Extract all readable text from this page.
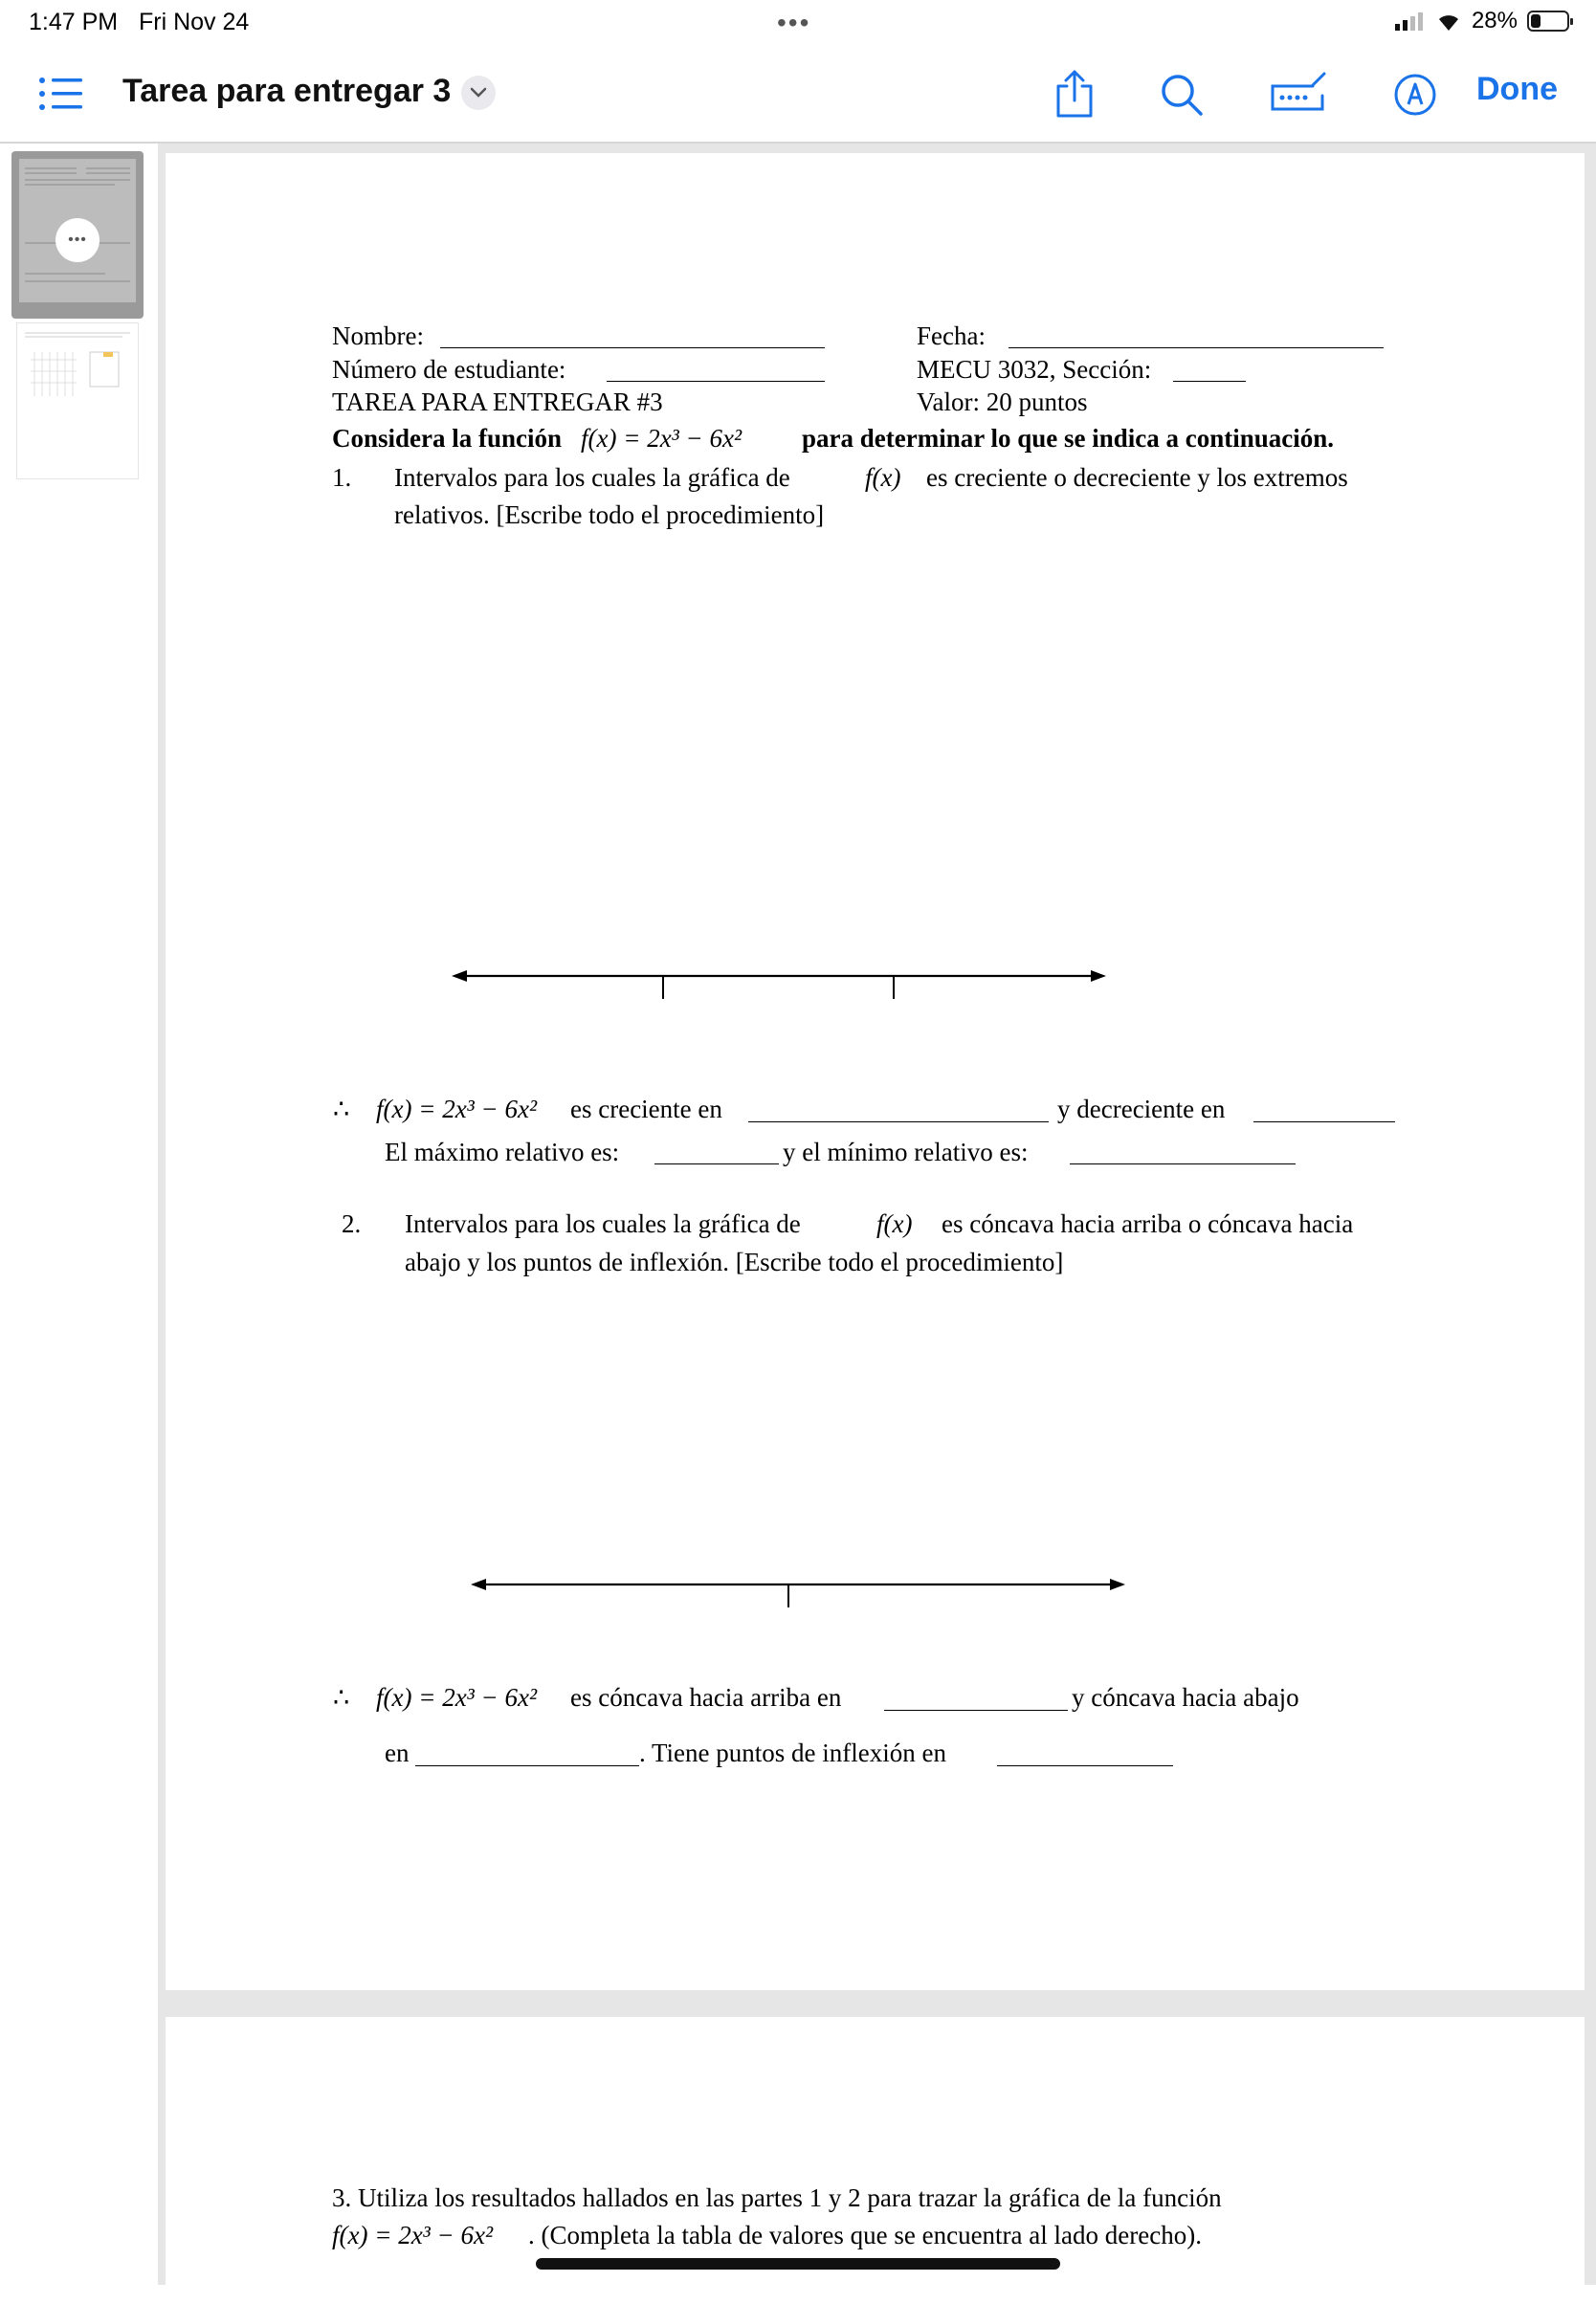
1:47 PM Fri Nov 24	•••	28%
Tarea para entregar 3	Done
•••
Nombre:	Fecha:
Número de estudiante:	MECU 3032, Sección:
TAREA PARA ENTREGAR #3	Valor: 20 puntos
Considera la función f(x) = 2x³ − 6x² para determinar lo que se indica a continuación.
1. Intervalos para los cuales la gráfica de	f(x) es creciente o decreciente y los extremos
relativos. [Escribe todo el procedimiento]
∴ f(x) = 2x³ − 6x² es creciente en	y decreciente en
El máximo relativo es:	y el mínimo relativo es:
2. Intervalos para los cuales la gráfica de	f(x) es cóncava hacia arriba o cóncava hacia
abajo y los puntos de inflexión. [Escribe todo el procedimiento]
∴ f(x) = 2x³ − 6x² es cóncava hacia arriba en	y cóncava hacia abajo
en	. Tiene puntos de inflexión en
3. Utiliza los resultados hallados en las partes 1 y 2 para trazar la gráfica de la función
f(x) = 2x³ − 6x² . (Completa la tabla de valores que se encuentra al lado derecho).
